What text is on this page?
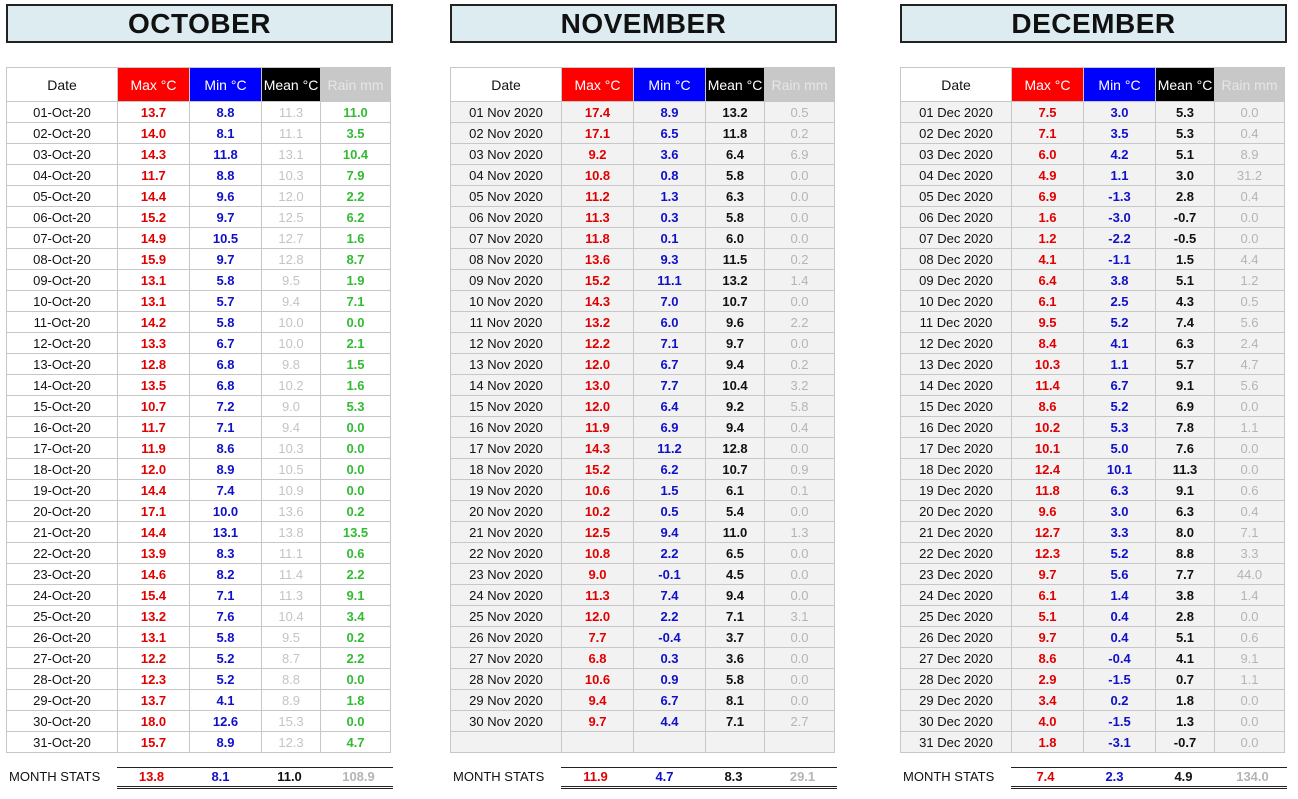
OCTOBER
Date	Max °C	Min °C	Mean °C	Rain mm
01-Oct-20	13.7	8.8	11.3	11.0
02-Oct-20	14.0	8.1	11.1	3.5
03-Oct-20	14.3	11.8	13.1	10.4
04-Oct-20	11.7	8.8	10.3	7.9
05-Oct-20	14.4	9.6	12.0	2.2
06-Oct-20	15.2	9.7	12.5	6.2
07-Oct-20	14.9	10.5	12.7	1.6
08-Oct-20	15.9	9.7	12.8	8.7
09-Oct-20	13.1	5.8	9.5	1.9
10-Oct-20	13.1	5.7	9.4	7.1
11-Oct-20	14.2	5.8	10.0	0.0
12-Oct-20	13.3	6.7	10.0	2.1
13-Oct-20	12.8	6.8	9.8	1.5
14-Oct-20	13.5	6.8	10.2	1.6
15-Oct-20	10.7	7.2	9.0	5.3
16-Oct-20	11.7	7.1	9.4	0.0
17-Oct-20	11.9	8.6	10.3	0.0
18-Oct-20	12.0	8.9	10.5	0.0
19-Oct-20	14.4	7.4	10.9	0.0
20-Oct-20	17.1	10.0	13.6	0.2
21-Oct-20	14.4	13.1	13.8	13.5
22-Oct-20	13.9	8.3	11.1	0.6
23-Oct-20	14.6	8.2	11.4	2.2
24-Oct-20	15.4	7.1	11.3	9.1
25-Oct-20	13.2	7.6	10.4	3.4
26-Oct-20	13.1	5.8	9.5	0.2
27-Oct-20	12.2	5.2	8.7	2.2
28-Oct-20	12.3	5.2	8.8	0.0
29-Oct-20	13.7	4.1	8.9	1.8
30-Oct-20	18.0	12.6	15.3	0.0
31-Oct-20	15.7	8.9	12.3	4.7
MONTH STATS	13.8	8.1	11.0	108.9
NOVEMBER
Date	Max °C	Min °C	Mean °C	Rain mm
01 Nov 2020	17.4	8.9	13.2	0.5
02 Nov 2020	17.1	6.5	11.8	0.2
03 Nov 2020	9.2	3.6	6.4	6.9
04 Nov 2020	10.8	0.8	5.8	0.0
05 Nov 2020	11.2	1.3	6.3	0.0
06 Nov 2020	11.3	0.3	5.8	0.0
07 Nov 2020	11.8	0.1	6.0	0.0
08 Nov 2020	13.6	9.3	11.5	0.2
09 Nov 2020	15.2	11.1	13.2	1.4
10 Nov 2020	14.3	7.0	10.7	0.0
11 Nov 2020	13.2	6.0	9.6	2.2
12 Nov 2020	12.2	7.1	9.7	0.0
13 Nov 2020	12.0	6.7	9.4	0.2
14 Nov 2020	13.0	7.7	10.4	3.2
15 Nov 2020	12.0	6.4	9.2	5.8
16 Nov 2020	11.9	6.9	9.4	0.4
17 Nov 2020	14.3	11.2	12.8	0.0
18 Nov 2020	15.2	6.2	10.7	0.9
19 Nov 2020	10.6	1.5	6.1	0.1
20 Nov 2020	10.2	0.5	5.4	0.0
21 Nov 2020	12.5	9.4	11.0	1.3
22 Nov 2020	10.8	2.2	6.5	0.0
23 Nov 2020	9.0	-0.1	4.5	0.0
24 Nov 2020	11.3	7.4	9.4	0.0
25 Nov 2020	12.0	2.2	7.1	3.1
26 Nov 2020	7.7	-0.4	3.7	0.0
27 Nov 2020	6.8	0.3	3.6	0.0
28 Nov 2020	10.6	0.9	5.8	0.0
29 Nov 2020	9.4	6.7	8.1	0.0
30 Nov 2020	9.7	4.4	7.1	2.7

MONTH STATS	11.9	4.7	8.3	29.1
DECEMBER
Date	Max °C	Min °C	Mean °C	Rain mm
01 Dec 2020	7.5	3.0	5.3	0.0
02 Dec 2020	7.1	3.5	5.3	0.4
03 Dec 2020	6.0	4.2	5.1	8.9
04 Dec 2020	4.9	1.1	3.0	31.2
05 Dec 2020	6.9	-1.3	2.8	0.4
06 Dec 2020	1.6	-3.0	-0.7	0.0
07 Dec 2020	1.2	-2.2	-0.5	0.0
08 Dec 2020	4.1	-1.1	1.5	4.4
09 Dec 2020	6.4	3.8	5.1	1.2
10 Dec 2020	6.1	2.5	4.3	0.5
11 Dec 2020	9.5	5.2	7.4	5.6
12 Dec 2020	8.4	4.1	6.3	2.4
13 Dec 2020	10.3	1.1	5.7	4.7
14 Dec 2020	11.4	6.7	9.1	5.6
15 Dec 2020	8.6	5.2	6.9	0.0
16 Dec 2020	10.2	5.3	7.8	1.1
17 Dec 2020	10.1	5.0	7.6	0.0
18 Dec 2020	12.4	10.1	11.3	0.0
19 Dec 2020	11.8	6.3	9.1	0.6
20 Dec 2020	9.6	3.0	6.3	0.4
21 Dec 2020	12.7	3.3	8.0	7.1
22 Dec 2020	12.3	5.2	8.8	3.3
23 Dec 2020	9.7	5.6	7.7	44.0
24 Dec 2020	6.1	1.4	3.8	1.4
25 Dec 2020	5.1	0.4	2.8	0.0
26 Dec 2020	9.7	0.4	5.1	0.6
27 Dec 2020	8.6	-0.4	4.1	9.1
28 Dec 2020	2.9	-1.5	0.7	1.1
29 Dec 2020	3.4	0.2	1.8	0.0
30 Dec 2020	4.0	-1.5	1.3	0.0
31 Dec 2020	1.8	-3.1	-0.7	0.0
MONTH STATS	7.4	2.3	4.9	134.0
